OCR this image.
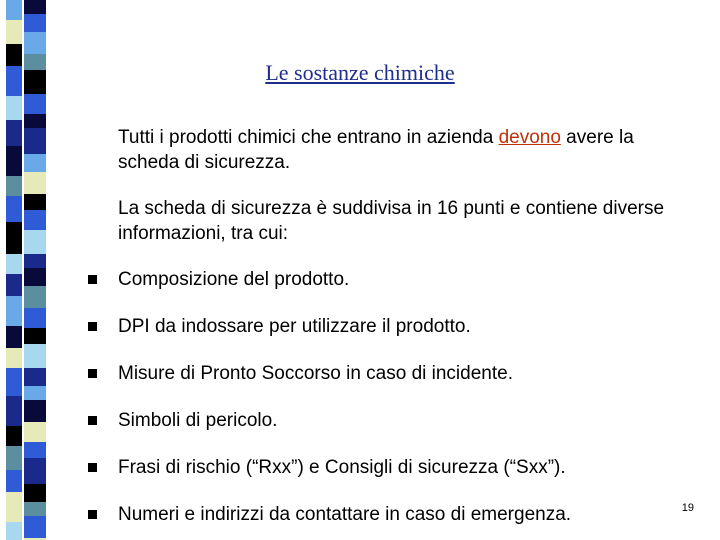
Le sostanze chimiche
Tutti i prodotti chimici che entrano in azienda devono avere la scheda di sicurezza.
La scheda di sicurezza è suddivisa in 16 punti e contiene diverse informazioni, tra cui:
Composizione del prodotto.
DPI da indossare per utilizzare il prodotto.
Misure di Pronto Soccorso in caso di incidente.
Simboli di pericolo.
Frasi di rischio (“Rxx”) e Consigli di sicurezza (“Sxx”).
Numeri e indirizzi da contattare in caso di emergenza.	19
